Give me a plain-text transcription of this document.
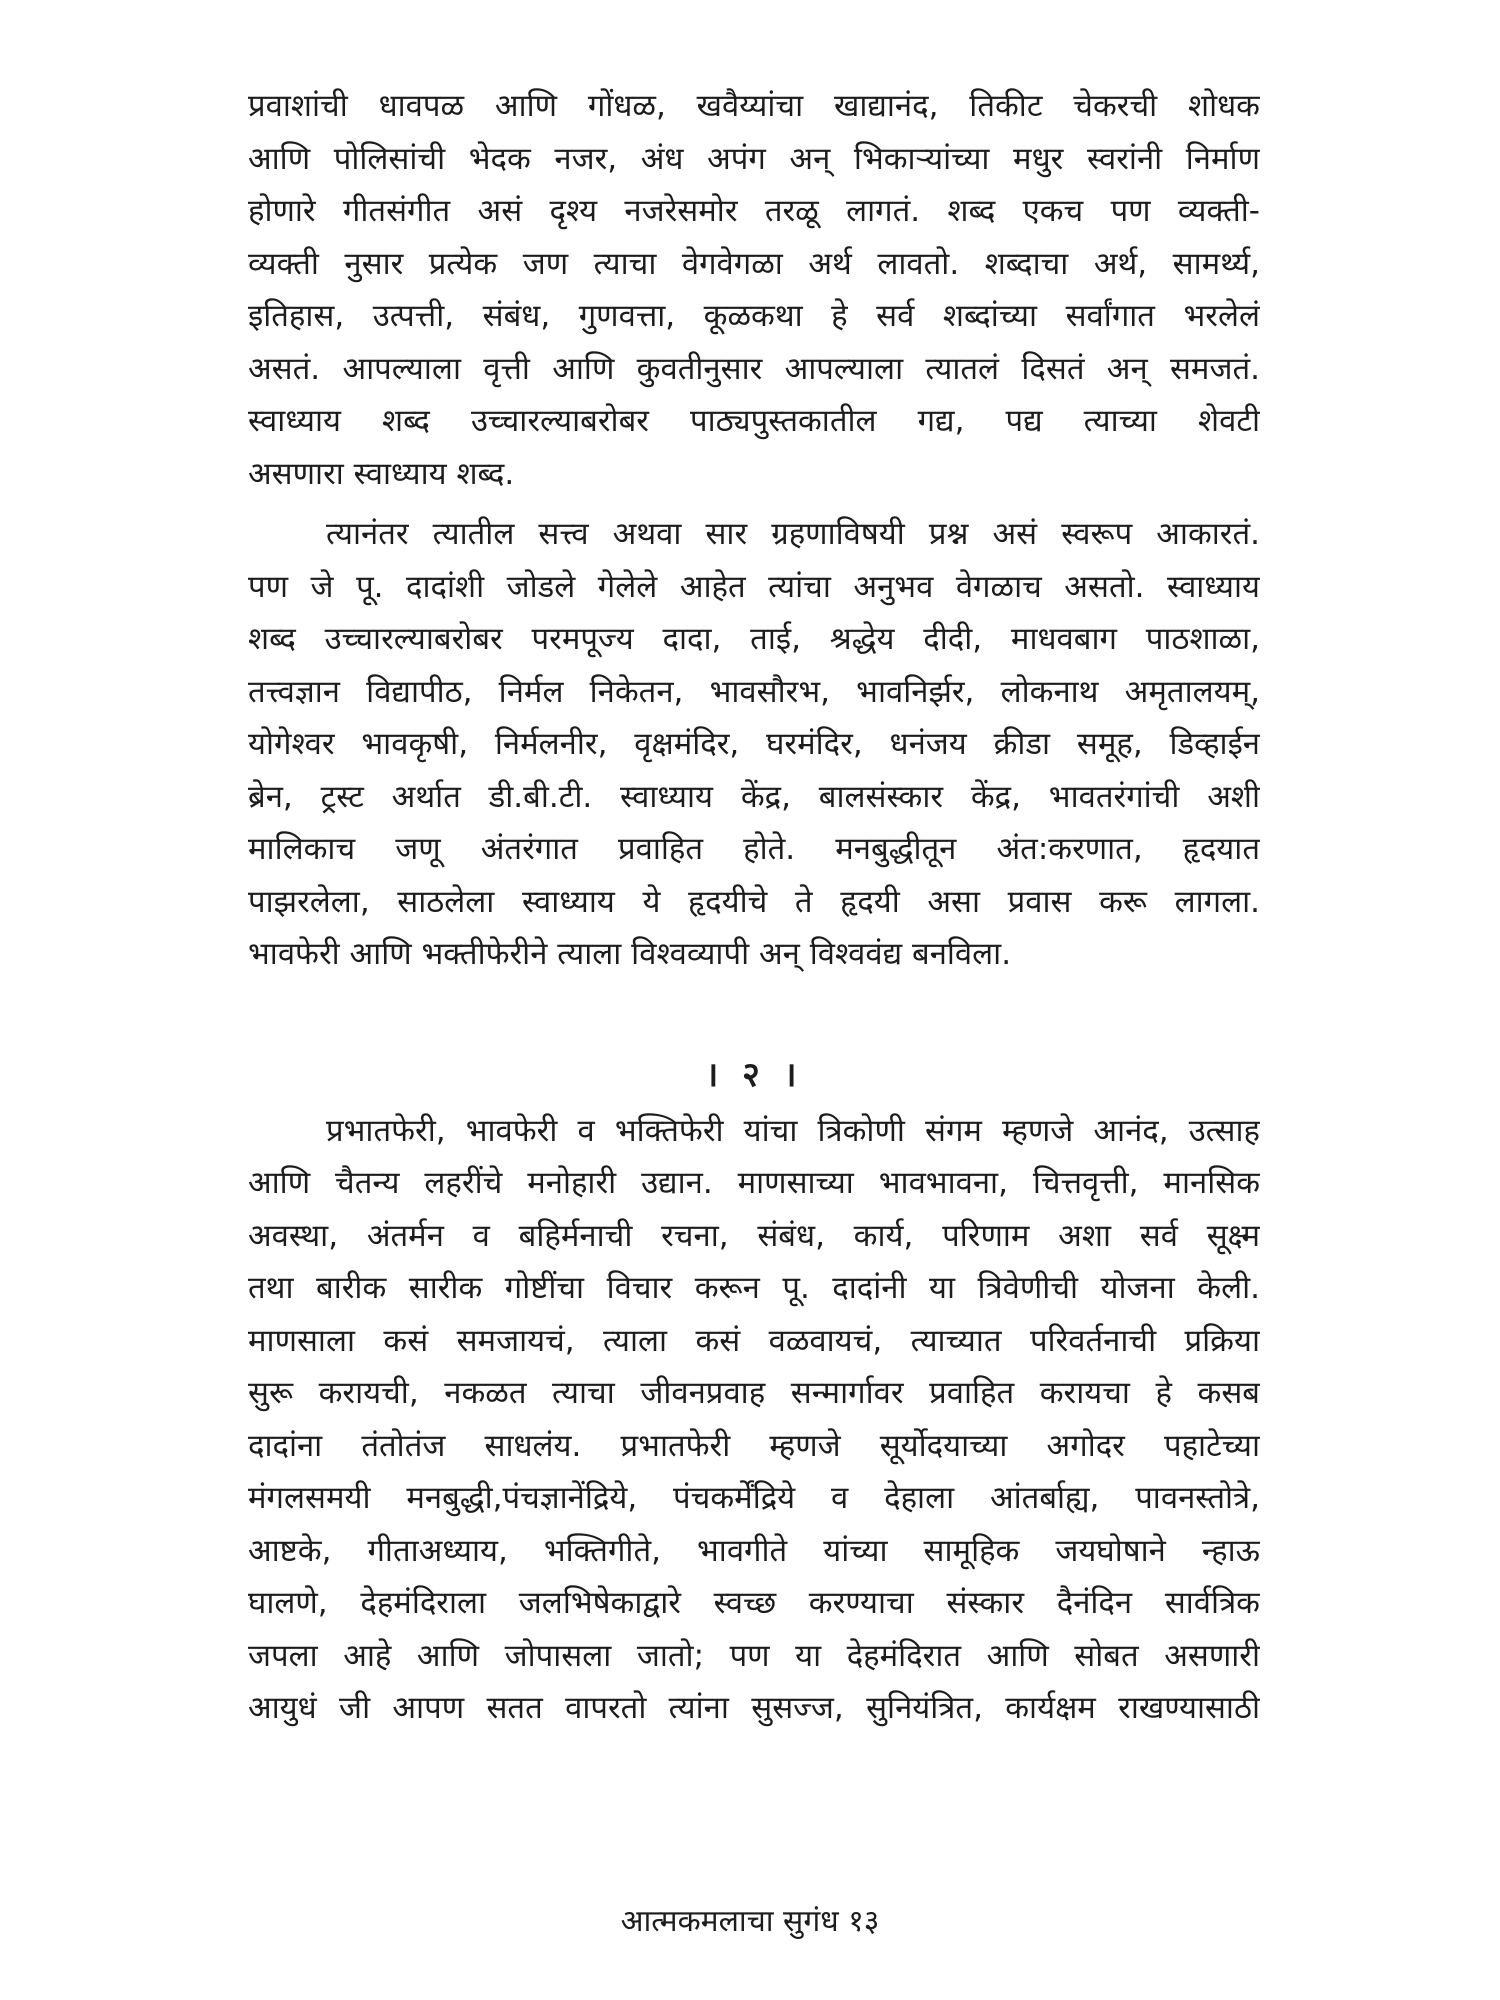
प्रवाशांची धावपळ आणि गोंधळ, खवैय्यांचा खाद्यानंद, तिकीट चेकरची शोधक
आणि पोलिसांची भेदक नजर, अंध अपंग अन् भिकाऱ्यांच्या मधुर स्वरांनी निर्माण
होणारे गीतसंगीत असं दृश्य नजरेसमोर तरळू लागतं. शब्द एकच पण व्यक्ती-
व्यक्ती नुसार प्रत्येक जण त्याचा वेगवेगळा अर्थ लावतो. शब्दाचा अर्थ, सामर्थ्य,
इतिहास, उत्पत्ती, संबंध, गुणवत्ता, कूळकथा हे सर्व शब्दांच्या सर्वांगात भरलेलं
असतं. आपल्याला वृत्ती आणि कुवतीनुसार आपल्याला त्यातलं दिसतं अन् समजतं.
स्वाध्याय शब्द उच्चारल्याबरोबर पाठ्यपुस्तकातील गद्य, पद्य त्याच्या शेवटी
असणारा स्वाध्याय शब्द.
त्यानंतर त्यातील सत्त्व अथवा सार ग्रहणाविषयी प्रश्न असं स्वरूप आकारतं.
पण जे पू. दादांशी जोडले गेलेले आहेत त्यांचा अनुभव वेगळाच असतो. स्वाध्याय
शब्द उच्चारल्याबरोबर परमपूज्य दादा, ताई, श्रद्धेय दीदी, माधवबाग पाठशाळा,
तत्त्वज्ञान विद्यापीठ, निर्मल निकेतन, भावसौरभ, भावनिर्झर, लोकनाथ अमृतालयम्,
योगेश्वर भावकृषी, निर्मलनीर, वृक्षमंदिर, घरमंदिर, धनंजय क्रीडा समूह, डिव्हाईन
ब्रेन, ट्रस्ट अर्थात डी.बी.टी. स्वाध्याय केंद्र, बालसंस्कार केंद्र, भावतरंगांची अशी
मालिकाच जणू अंतरंगात प्रवाहित होते. मनबुद्धीतून अंत:करणात, हृदयात
पाझरलेला, साठलेला स्वाध्याय ये हृदयीचे ते हृदयी असा प्रवास करू लागला.
भावफेरी आणि भक्तीफेरीने त्याला विश्वव्यापी अन् विश्ववंद्य बनविला.
। २ ।
प्रभातफेरी, भावफेरी व भक्तिफेरी यांचा त्रिकोणी संगम म्हणजे आनंद, उत्साह
आणि चैतन्य लहरींचे मनोहारी उद्यान. माणसाच्या भावभावना, चित्तवृत्ती, मानसिक
अवस्था, अंतर्मन व बहिर्मनाची रचना, संबंध, कार्य, परिणाम अशा सर्व सूक्ष्म
तथा बारीक सारीक गोष्टींचा विचार करून पू. दादांनी या त्रिवेणीची योजना केली.
माणसाला कसं समजायचं, त्याला कसं वळवायचं, त्याच्यात परिवर्तनाची प्रक्रिया
सुरू करायची, नकळत त्याचा जीवनप्रवाह सन्मार्गावर प्रवाहित करायचा हे कसब
दादांना तंतोतंज साधलंय. प्रभातफेरी म्हणजे सूर्योदयाच्या अगोदर पहाटेच्या
मंगलसमयी मनबुद्धी,पंचज्ञानेंद्रिये, पंचकर्मेंद्रिये व देहाला आंतर्बाह्य, पावनस्तोत्रे,
आष्टके, गीताअध्याय, भक्तिगीते, भावगीते यांच्या सामूहिक जयघोषाने न्हाऊ
घालणे, देहमंदिराला जलभिषेकाद्वारे स्वच्छ करण्याचा संस्कार दैनंदिन सार्वत्रिक
जपला आहे आणि जोपासला जातो; पण या देहमंदिरात आणि सोबत असणारी
आयुधं जी आपण सतत वापरतो त्यांना सुसज्ज, सुनियंत्रित, कार्यक्षम राखण्यासाठी
आत्मकमलाचा सुगंध १३
